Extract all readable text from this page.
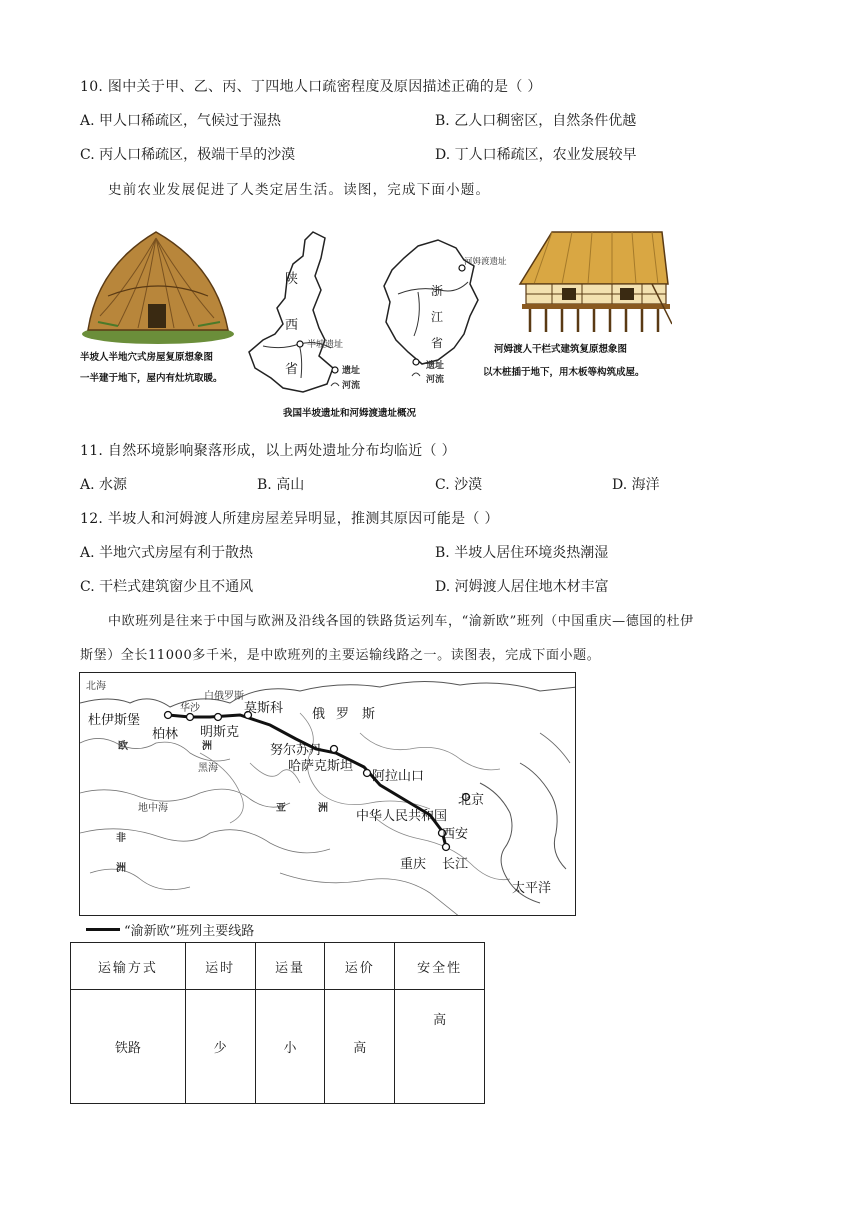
10. 图中关于甲、乙、丙、丁四地人口疏密程度及原因描述正确的是（ ）
A. 甲人口稀疏区，气候过于湿热	B. 乙人口稠密区，自然条件优越
C. 丙人口稀疏区，极端干旱的沙漠	D. 丁人口稀疏区，农业发展较早
史前农业发展促进了人类定居生活。读图，完成下面小题。
半坡人半地穴式房屋复原想象图
一半建于地下，屋内有灶坑取暖。
陕
西
省
半坡遗址
遗址
河流
河姆渡遗址
浙
江
省
遗址
河流
河姆渡人干栏式建筑复原想象图
以木桩插于地下，用木板等构筑成屋。
我国半坡遗址和河姆渡遗址概况
11. 自然环境影响聚落形成，以上两处遗址分布均临近（ ）
A. 水源	B. 高山	C. 沙漠	D. 海洋
12. 半坡人和河姆渡人所建房屋差异明显，推测其原因可能是（ ）
A. 半地穴式房屋有利于散热	B. 半坡人居住环境炎热潮湿
C. 干栏式建筑窗少且不通风	D. 河姆渡人居住地木材丰富
中欧班列是往来于中国与欧洲及沿线各国的铁路货运列车，“渝新欧”班列（中国重庆—德国的杜伊
斯堡）全长11000多千米，是中欧班列的主要运输线路之一。读图表，完成下面小题。
北海
杜伊斯堡
华沙
白俄罗斯
莫斯科 俄 罗 斯
柏林 明斯克
欧	洲
黑海
地中海
努尔苏丹
哈萨克斯坦
阿拉山口
亚	洲
非
洲
中华人民共和国
北京
西安
重庆 长江
太平洋
“渝新欧”班列主要线路
运输方式	运时	运量	运价	安全性
铁路	少	小	高	高
